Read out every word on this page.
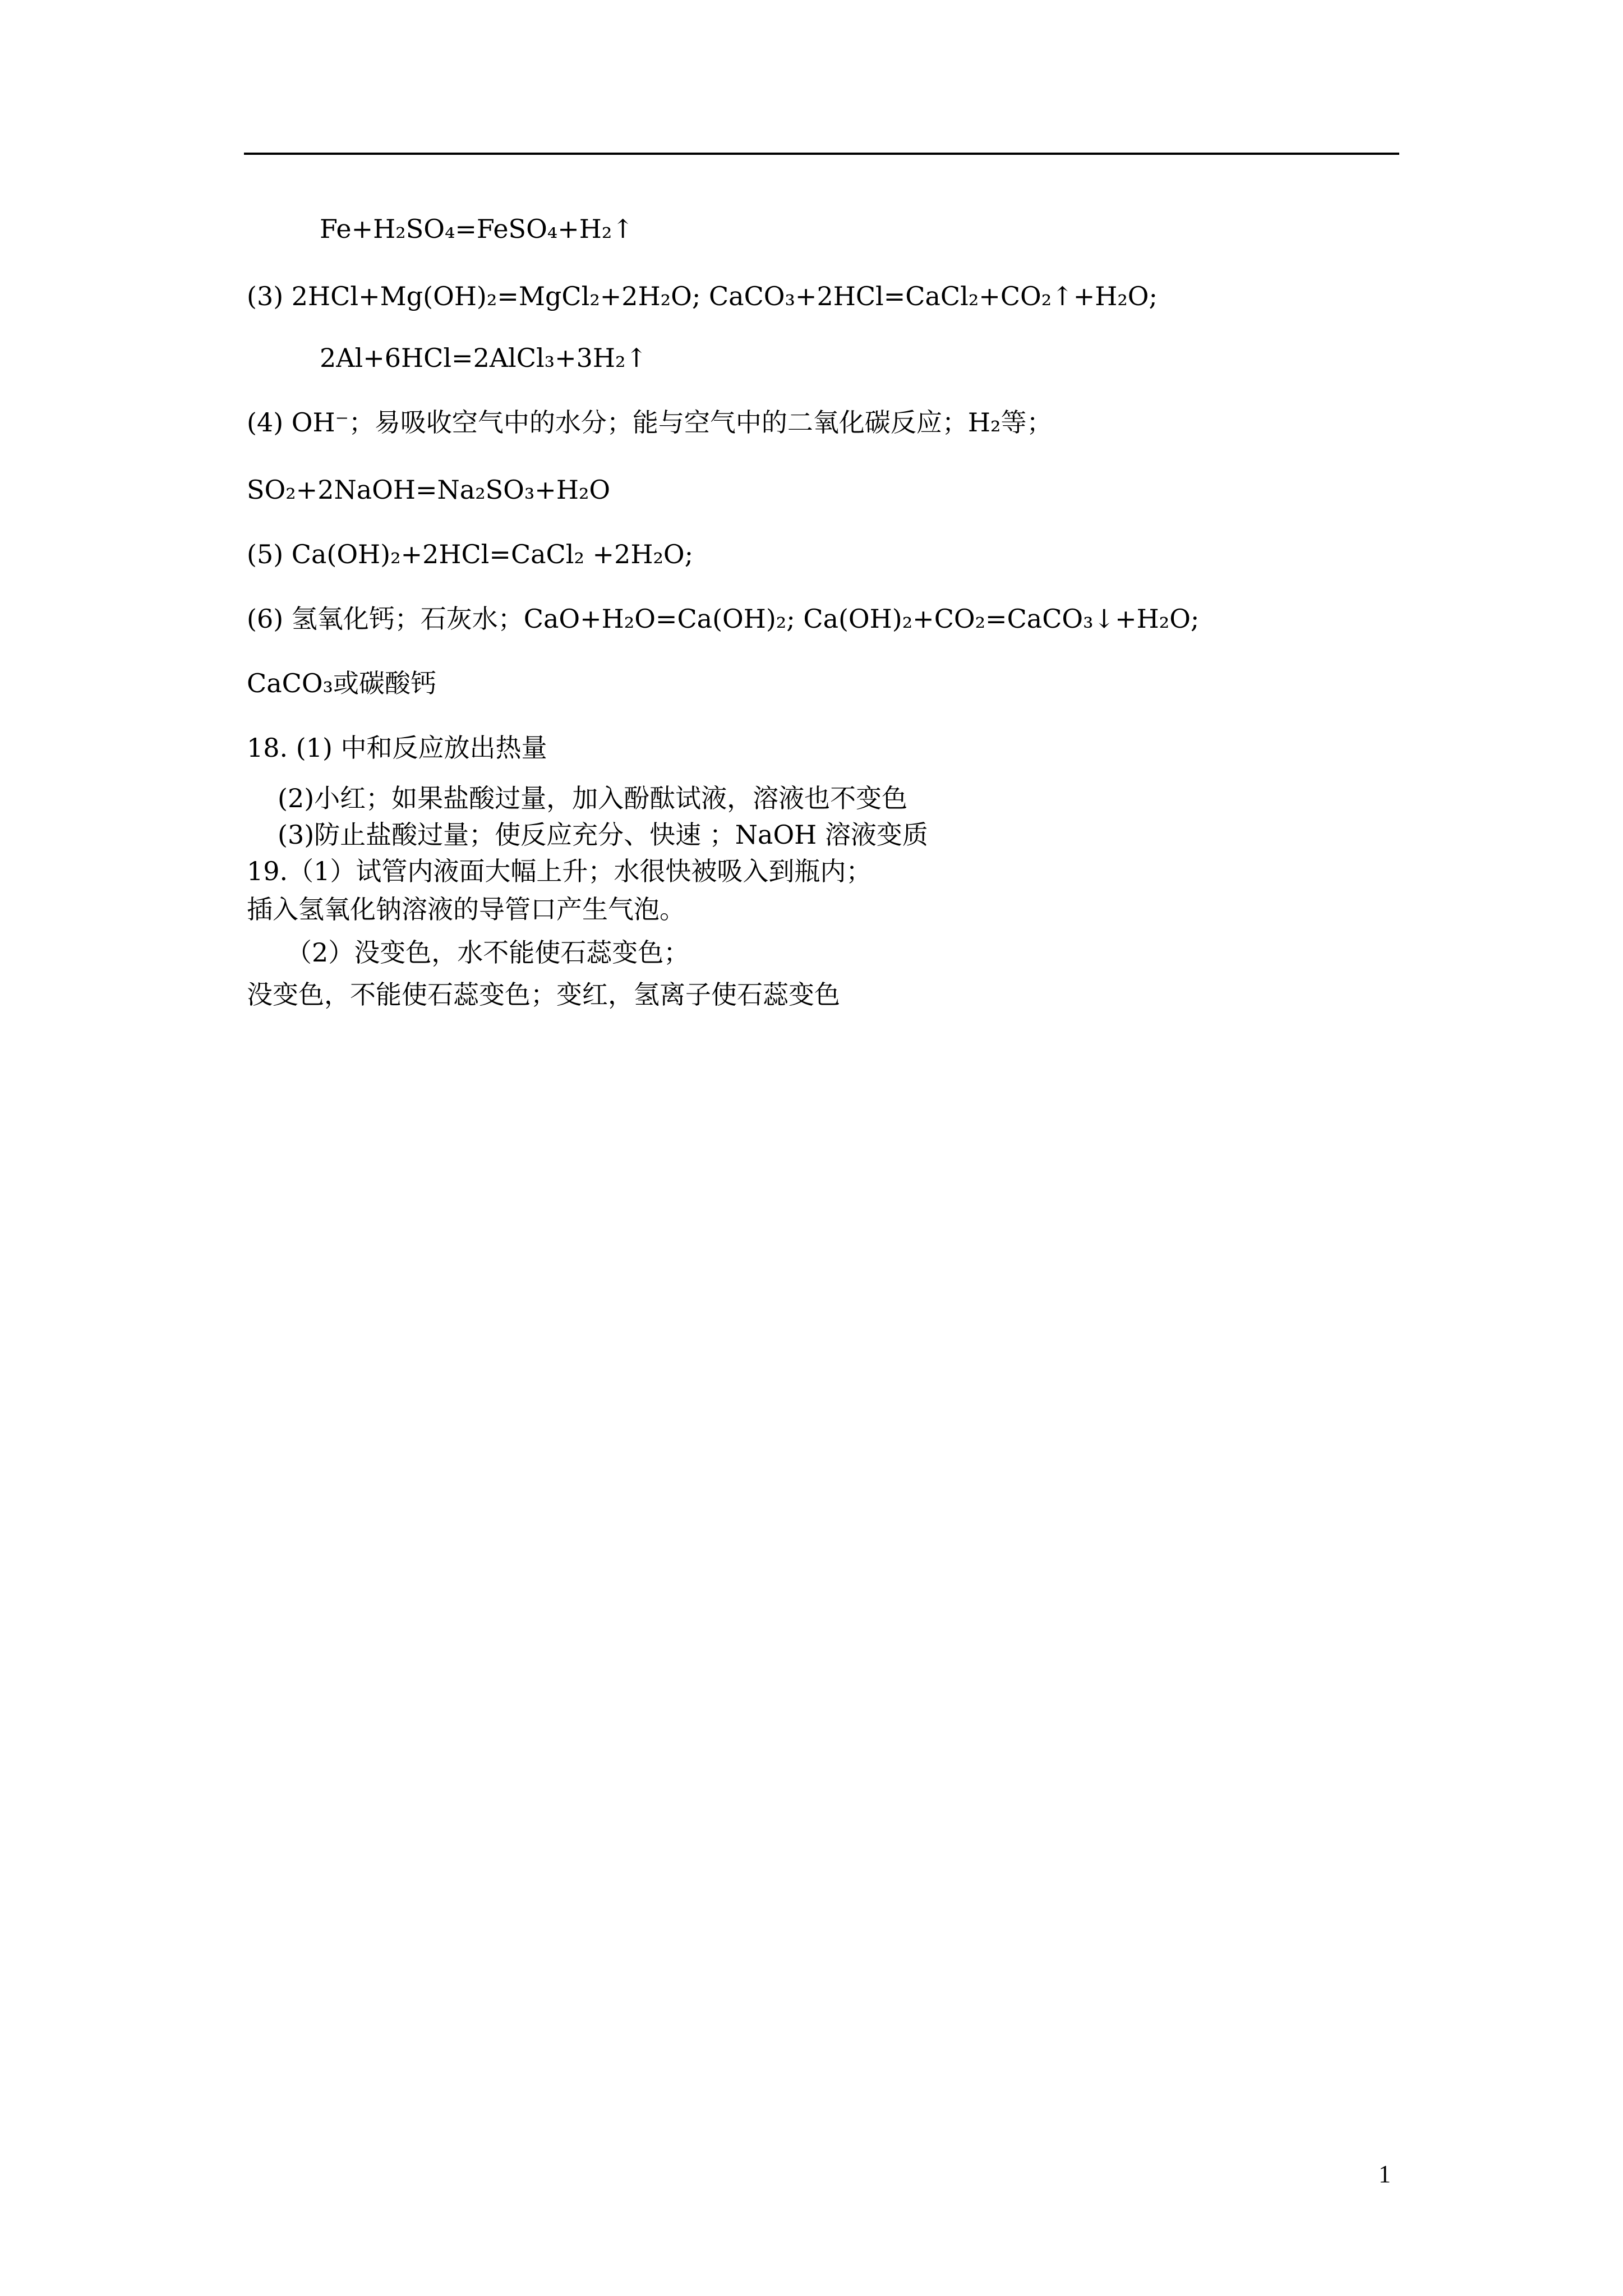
Fe+H₂SO₄=FeSO₄+H₂↑
(3) 2HCl+Mg(OH)₂=MgCl₂+2H₂O; CaCO₃+2HCl=CaCl₂+CO₂↑+H₂O;
2Al+6HCl=2AlCl₃+3H₂↑
(4) OH⁻；易吸收空气中的水分；能与空气中的二氧化碳反应；H₂等；
SO₂+2NaOH=Na₂SO₃+H₂O
(5) Ca(OH)₂+2HCl=CaCl₂ +2H₂O;
(6) 氢氧化钙；石灰水；CaO+H₂O=Ca(OH)₂; Ca(OH)₂+CO₂=CaCO₃↓+H₂O;
CaCO₃或碳酸钙
18. (1) 中和反应放出热量
(2)小红；如果盐酸过量，加入酚酞试液，溶液也不变色
(3)防止盐酸过量；使反应充分、快速 ；NaOH 溶液变质
19.（1）试管内液面大幅上升；水很快被吸入到瓶内；
插入氢氧化钠溶液的导管口产生气泡。
（2）没变色，水不能使石蕊变色；
没变色，不能使石蕊变色；变红，氢离子使石蕊变色
1
